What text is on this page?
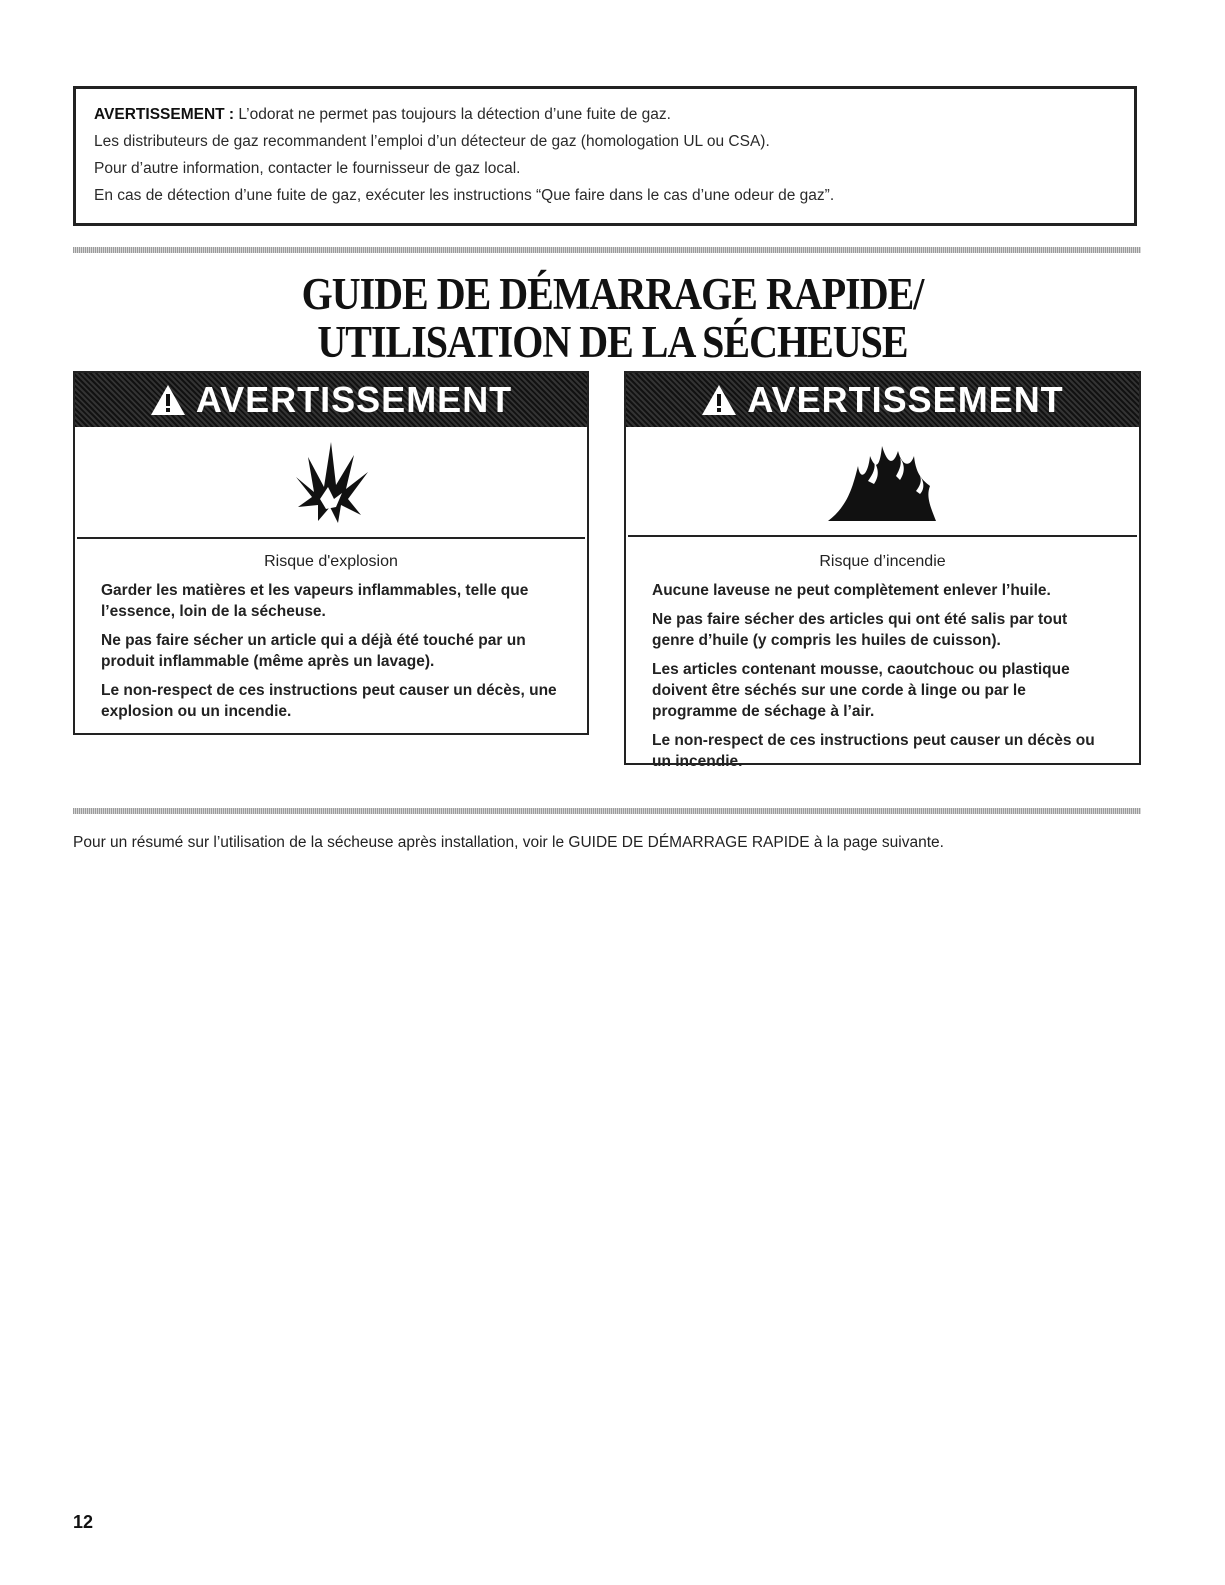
AVERTISSEMENT : L’odorat ne permet pas toujours la détection d’une fuite de gaz.

Les distributeurs de gaz recommandent l’emploi d’un détecteur de gaz (homologation UL ou CSA).

Pour d’autre information, contacter le fournisseur de gaz local.

En cas de détection d’une fuite de gaz, exécuter les instructions “Que faire dans le cas d’une odeur de gaz”.

GUIDE DE DÉMARRAGE RAPIDE/
UTILISATION DE LA SÉCHEUSE
AVERTISSEMENT
Risque d'explosion

Garder les matières et les vapeurs inflammables, telle que l’essence, loin de la sécheuse.

Ne pas faire sécher un article qui a déjà été touché par un produit inflammable (même après un lavage).

Le non-respect de ces instructions peut causer un décès, une explosion ou un incendie.

AVERTISSEMENT
Risque d’incendie

Aucune laveuse ne peut complètement enlever l’huile.

Ne pas faire sécher des articles qui ont été salis par tout genre d’huile (y compris les huiles de cuisson).

Les articles contenant mousse, caoutchouc ou plastique doivent être séchés sur une corde à linge ou par le programme de séchage à l’air.

Le non-respect de ces instructions peut causer un décès ou un incendie.

Pour un résumé sur l’utilisation de la sécheuse après installation, voir le GUIDE DE DÉMARRAGE RAPIDE à la page suivante.
12
